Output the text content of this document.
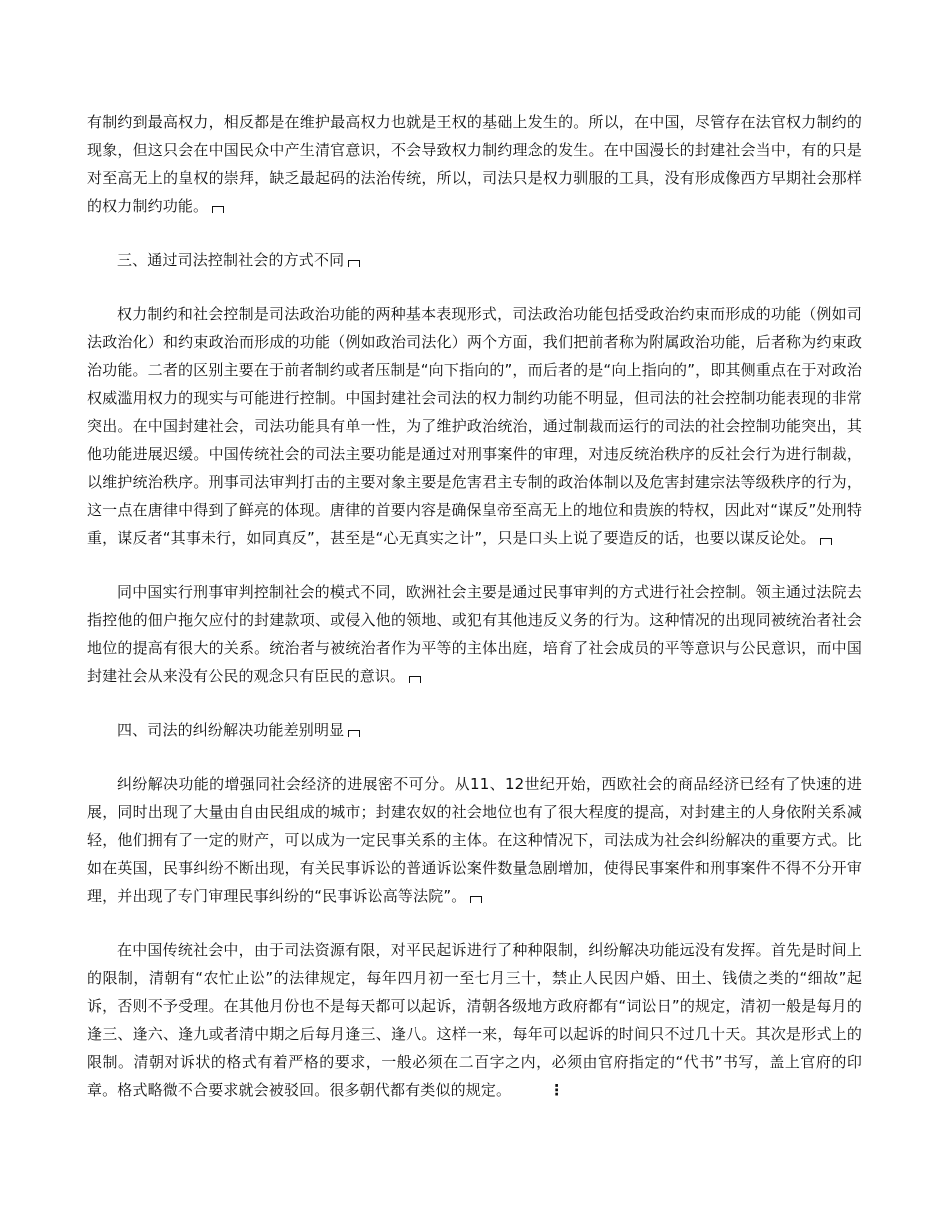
有制约到最高权力，相反都是在维护最高权力也就是王权的基础上发生的。所以，在中国，尽管存在法官权力制约的现象，但这只会在中国民众中产生清官意识，不会导致权力制约理念的发生。在中国漫长的封建社会当中，有的只是对至高无上的皇权的崇拜，缺乏最起码的法治传统，所以，司法只是权力驯服的工具，没有形成像西方早期社会那样的权力制约功能。

三、通过司法控制社会的方式不同

权力制约和社会控制是司法政治功能的两种基本表现形式，司法政治功能包括受政治约束而形成的功能（例如司法政治化）和约束政治而形成的功能（例如政治司法化）两个方面，我们把前者称为附属政治功能，后者称为约束政治功能。二者的区别主要在于前者制约或者压制是“向下指向的”，而后者的是“向上指向的”，即其侧重点在于对政治权威滥用权力的现实与可能进行控制。中国封建社会司法的权力制约功能不明显，但司法的社会控制功能表现的非常突出。在中国封建社会，司法功能具有单一性，为了维护政治统治，通过制裁而运行的司法的社会控制功能突出，其他功能进展迟缓。中国传统社会的司法主要功能是通过对刑事案件的审理，对违反统治秩序的反社会行为进行制裁，以维护统治秩序。刑事司法审判打击的主要对象主要是危害君主专制的政治体制以及危害封建宗法等级秩序的行为，这一点在唐律中得到了鲜亮的体现。唐律的首要内容是确保皇帝至高无上的地位和贵族的特权，因此对“谋反”处刑特重，谋反者“其事未行，如同真反”，甚至是“心无真实之计”，只是口头上说了要造反的话，也要以谋反论处。

同中国实行刑事审判控制社会的模式不同，欧洲社会主要是通过民事审判的方式进行社会控制。领主通过法院去指控他的佃户拖欠应付的封建款项、或侵入他的领地、或犯有其他违反义务的行为。这种情况的出现同被统治者社会地位的提高有很大的关系。统治者与被统治者作为平等的主体出庭，培育了社会成员的平等意识与公民意识，而中国封建社会从来没有公民的观念只有臣民的意识。

四、司法的纠纷解决功能差别明显

纠纷解决功能的增强同社会经济的进展密不可分。从11、12世纪开始，西欧社会的商品经济已经有了快速的进展，同时出现了大量由自由民组成的城市；封建农奴的社会地位也有了很大程度的提高，对封建主的人身依附关系减轻，他们拥有了一定的财产，可以成为一定民事关系的主体。在这种情况下，司法成为社会纠纷解决的重要方式。比如在英国，民事纠纷不断出现，有关民事诉讼的普通诉讼案件数量急剧增加，使得民事案件和刑事案件不得不分开审理，并出现了专门审理民事纠纷的“民事诉讼高等法院”。

在中国传统社会中，由于司法资源有限，对平民起诉进行了种种限制，纠纷解决功能远没有发挥。首先是时间上的限制，清朝有“农忙止讼”的法律规定，每年四月初一至七月三十，禁止人民因户婚、田土、钱债之类的“细故”起诉，否则不予受理。在其他月份也不是每天都可以起诉，清朝各级地方政府都有“词讼日”的规定，清初一般是每月的逢三、逢六、逢九或者清中期之后每月逢三、逢八。这样一来，每年可以起诉的时间只不过几十天。其次是形式上的限制。清朝对诉状的格式有着严格的要求，一般必须在二百字之内，必须由官府指定的“代书”书写，盖上官府的印章。格式略微不合要求就会被驳回。很多朝代都有类似的规定。	⋮
